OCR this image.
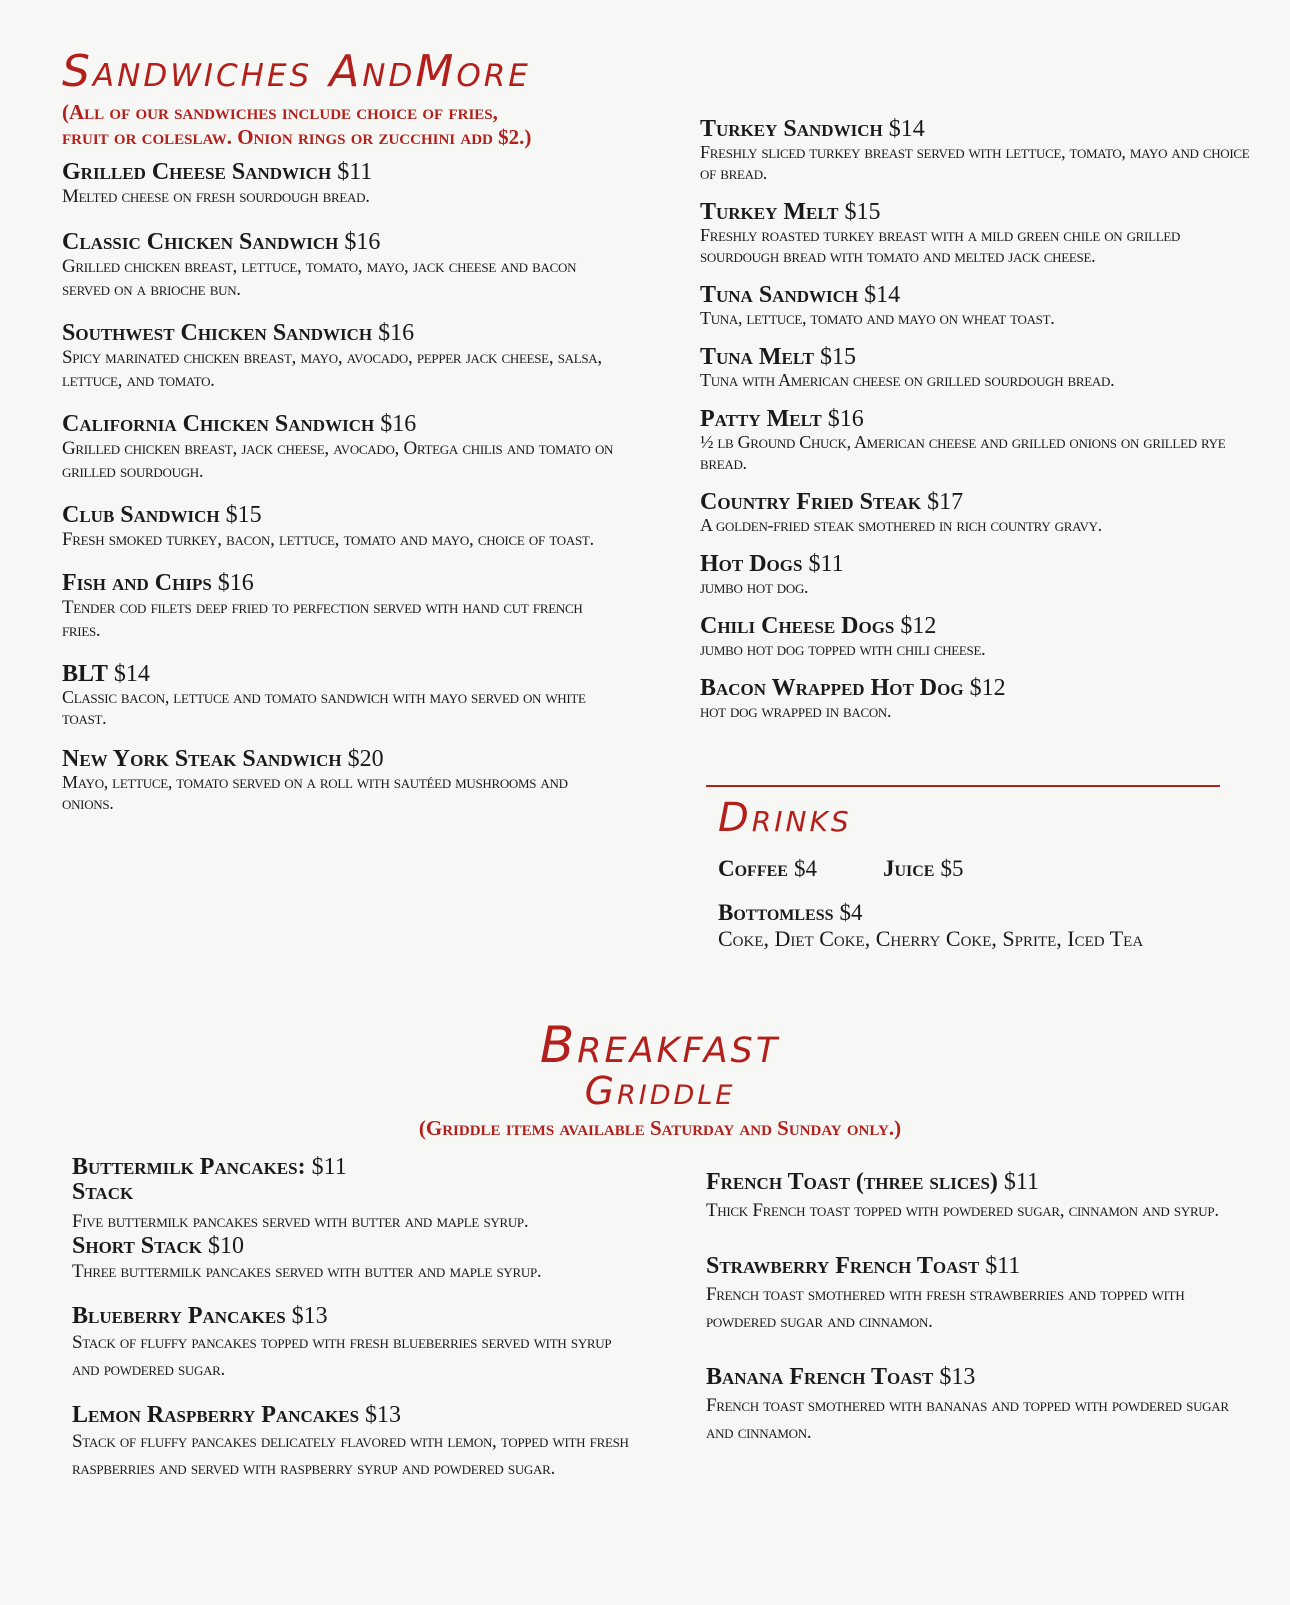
Sandwiches AndMore

(All of our sandwiches include choice of fries,

fruit or coleslaw. Onion rings or zucchini add $2.)

Grilled Cheese Sandwich $11
Melted cheese on fresh sourdough bread.
Classic Chicken Sandwich $16
Grilled chicken breast, lettuce, tomato, mayo, jack cheese and bacon served on a brioche bun.
Southwest Chicken Sandwich $16
Spicy marinated chicken breast, mayo, avocado, pepper jack cheese, salsa, lettuce, and tomato.
California Chicken Sandwich $16
Grilled chicken breast, jack cheese, avocado, Ortega chilis and tomato on grilled sourdough.
Club Sandwich $15
Fresh smoked turkey, bacon, lettuce, tomato and mayo, choice of toast.
Fish and Chips $16
Tender cod filets deep fried to perfection served with hand cut french fries.
BLT $14
Classic bacon, lettuce and tomato sandwich with mayo served on white toast.
New York Steak Sandwich $20
Mayo, lettuce, tomato served on a roll with sautéed mushrooms and onions.
Turkey Sandwich $14
Freshly sliced turkey breast served with lettuce, tomato, mayo and choice of bread.
Turkey Melt $15
Freshly roasted turkey breast with a mild green chile on grilled sourdough bread with tomato and melted jack cheese.
Tuna Sandwich $14
Tuna, lettuce, tomato and mayo on wheat toast.
Tuna Melt $15
Tuna with American cheese on grilled sourdough bread.
Patty Melt $16
½ lb Ground Chuck, American cheese and grilled onions on grilled rye bread.
Country Fried Steak $17
A golden-fried steak smothered in rich country gravy.
Hot Dogs $11
jumbo hot dog.
Chili Cheese Dogs $12
jumbo hot dog topped with chili cheese.
Bacon Wrapped Hot Dog $12
hot dog wrapped in bacon.
Drinks
Coffee $4	Juice $5
Bottomless $4
Coke, Diet Coke, Cherry Coke, Sprite, Iced Tea
Breakfast
Griddle

(Griddle items available Saturday and Sunday only.)

Buttermilk Pancakes: $11
Stack
Five buttermilk pancakes served with butter and maple syrup.
Short Stack $10
Three buttermilk pancakes served with butter and maple syrup.
Blueberry Pancakes $13
Stack of fluffy pancakes topped with fresh blueberries served with syrup and powdered sugar.
Lemon Raspberry Pancakes $13
Stack of fluffy pancakes delicately flavored with lemon, topped with fresh raspberries and served with raspberry syrup and powdered sugar.
French Toast (three slices) $11
Thick French toast topped with powdered sugar, cinnamon and syrup.
Strawberry French Toast $11
French toast smothered with fresh strawberries and topped with powdered sugar and cinnamon.
Banana French Toast $13
French toast smothered with bananas and topped with powdered sugar and cinnamon.
